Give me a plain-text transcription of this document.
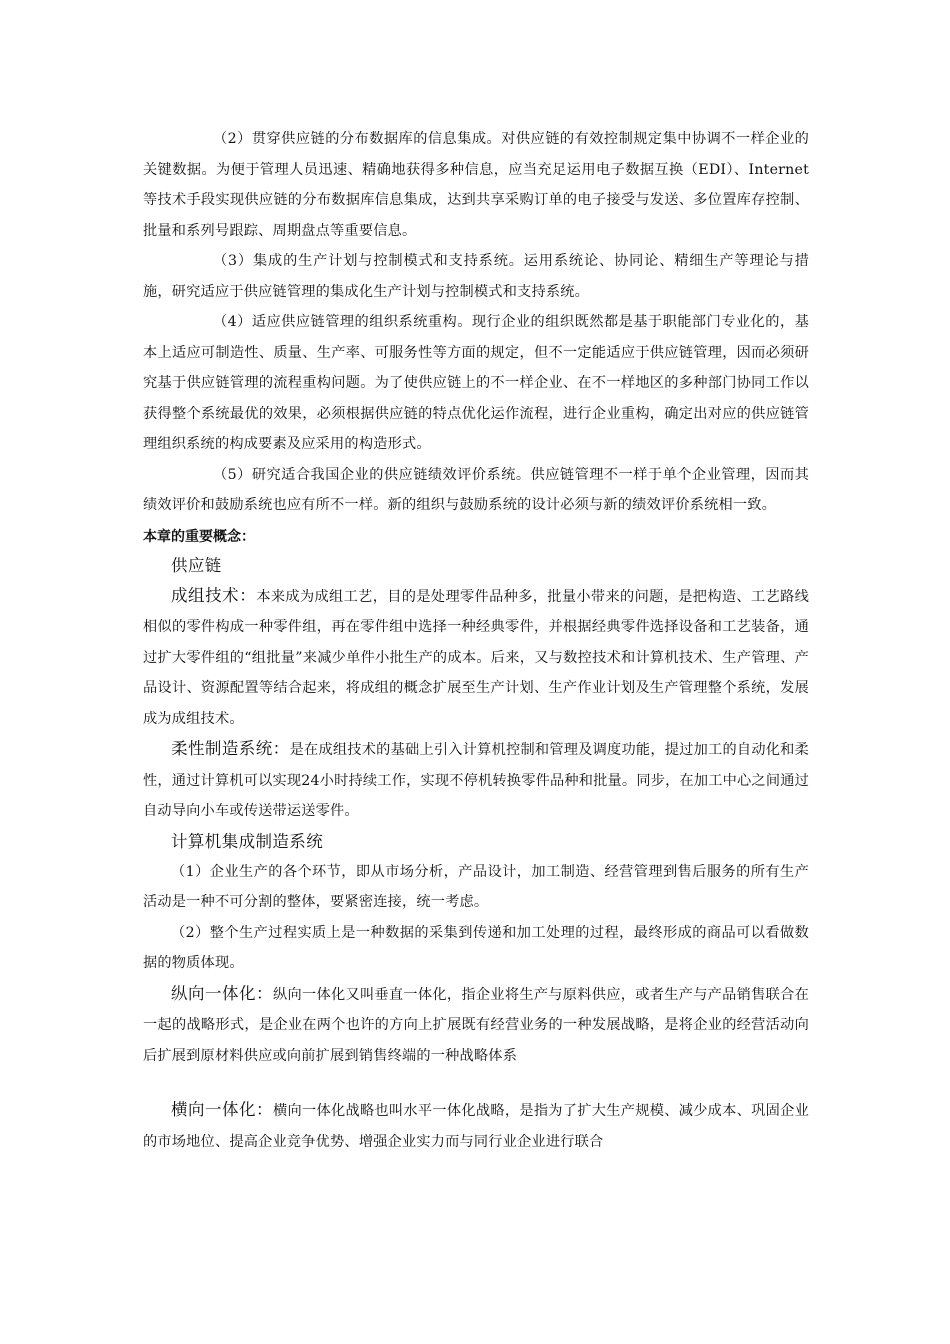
（2）贯穿供应链的分布数据库的信息集成。对供应链的有效控制规定集中协调不一样企业的关键数据。为便于管理人员迅速、精确地获得多种信息，应当充足运用电子数据互换（EDI）、Internet等技术手段实现供应链的分布数据库信息集成，达到共享采购订单的电子接受与发送、多位置库存控制、批量和系列号跟踪、周期盘点等重要信息。

（3）集成的生产计划与控制模式和支持系统。运用系统论、协同论、精细生产等理论与措施，研究适应于供应链管理的集成化生产计划与控制模式和支持系统。

（4）适应供应链管理的组织系统重构。现行企业的组织既然都是基于职能部门专业化的，基本上适应可制造性、质量、生产率、可服务性等方面的规定，但不一定能适应于供应链管理，因而必须研究基于供应链管理的流程重构问题。为了使供应链上的不一样企业、在不一样地区的多种部门协同工作以获得整个系统最优的效果，必须根据供应链的特点优化运作流程，进行企业重构，确定出对应的供应链管理组织系统的构成要素及应采用的构造形式。

（5）研究适合我国企业的供应链绩效评价系统。供应链管理不一样于单个企业管理，因而其绩效评价和鼓励系统也应有所不一样。新的组织与鼓励系统的设计必须与新的绩效评价系统相一致。

本章的重要概念：

供应链

成组技术：本来成为成组工艺，目的是处理零件品种多，批量小带来的问题，是把构造、工艺路线相似的零件构成一种零件组，再在零件组中选择一种经典零件，并根据经典零件选择设备和工艺装备，通过扩大零件组的“组批量”来减少单件小批生产的成本。后来，又与数控技术和计算机技术、生产管理、产品设计、资源配置等结合起来，将成组的概念扩展至生产计划、生产作业计划及生产管理整个系统，发展成为成组技术。

柔性制造系统：是在成组技术的基础上引入计算机控制和管理及调度功能，提过加工的自动化和柔性，通过计算机可以实现24小时持续工作，实现不停机转换零件品种和批量。同步，在加工中心之间通过自动导向小车或传送带运送零件。

计算机集成制造系统

（1）企业生产的各个环节，即从市场分析，产品设计，加工制造、经营管理到售后服务的所有生产活动是一种不可分割的整体，要紧密连接，统一考虑。

（2）整个生产过程实质上是一种数据的采集到传递和加工处理的过程，最终形成的商品可以看做数据的物质体现。

纵向一体化：纵向一体化又叫垂直一体化，指企业将生产与原料供应，或者生产与产品销售联合在一起的战略形式，是企业在两个也许的方向上扩展既有经营业务的一种发展战略，是将企业的经营活动向后扩展到原材料供应或向前扩展到销售终端的一种战略体系

横向一体化：横向一体化战略也叫水平一体化战略，是指为了扩大生产规模、减少成本、巩固企业的市场地位、提高企业竞争优势、增强企业实力而与同行业企业进行联合
